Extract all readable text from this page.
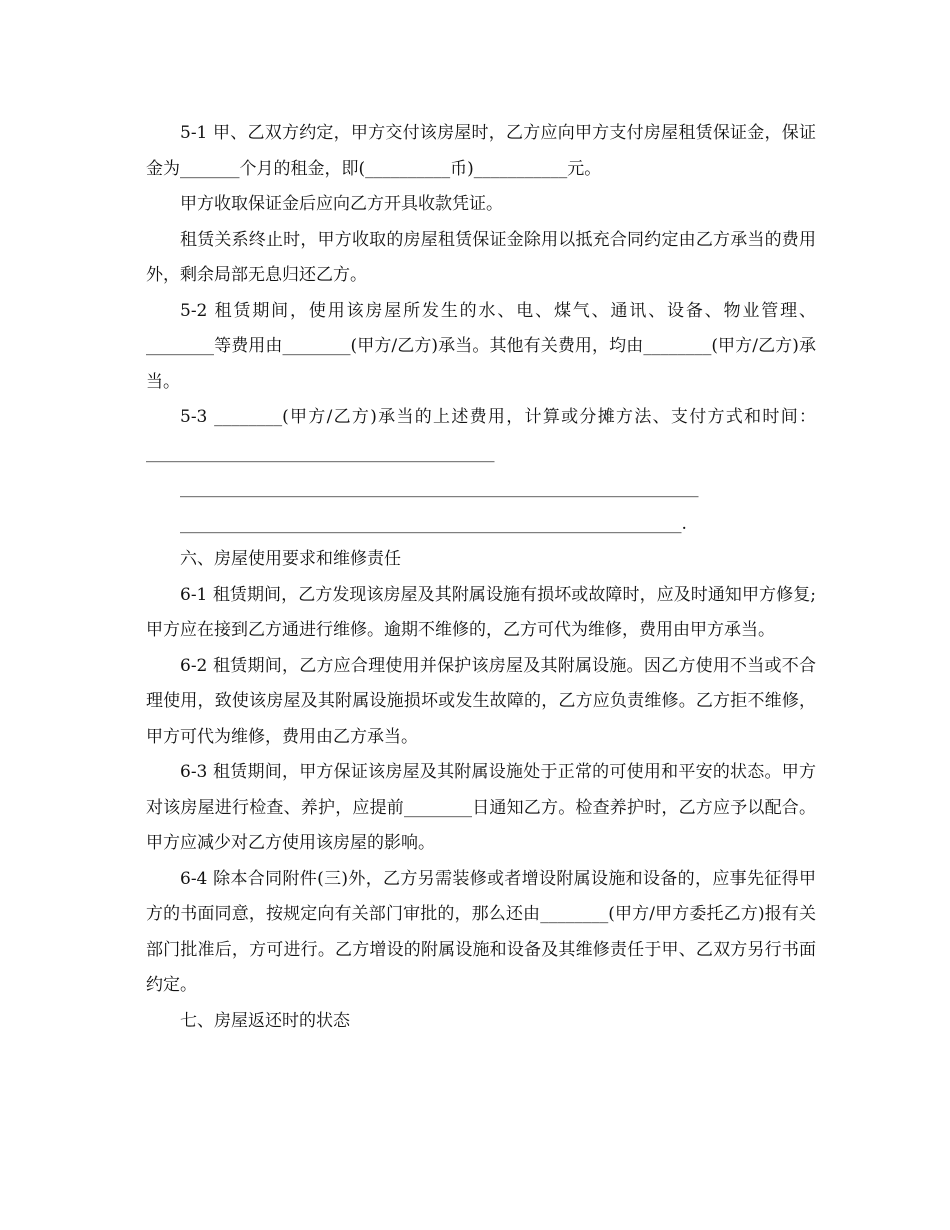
5-1 甲、乙双方约定，甲方交付该房屋时，乙方应向甲方支付房屋租赁保证金，保证金为_______个月的租金，即(__________币)___________元。

甲方收取保证金后应向乙方开具收款凭证。

租赁关系终止时，甲方收取的房屋租赁保证金除用以抵充合同约定由乙方承当的费用外，剩余局部无息归还乙方。

5-2 租赁期间，使用该房屋所发生的水、电、煤气、通讯、设备、物业管理、________等费用由________(甲方/乙方)承当。其他有关费用，均由________(甲方/乙方)承当。

5-3 ________(甲方/乙方)承当的上述费用，计算或分摊方法、支付方式和时间：_________________________________________

_____________________________________________________________

___________________________________________________________.

六、房屋使用要求和维修责任

6-1 租赁期间，乙方发现该房屋及其附属设施有损坏或故障时，应及时通知甲方修复;甲方应在接到乙方通进行维修。逾期不维修的，乙方可代为维修，费用由甲方承当。

6-2 租赁期间，乙方应合理使用并保护该房屋及其附属设施。因乙方使用不当或不合理使用，致使该房屋及其附属设施损坏或发生故障的，乙方应负责维修。乙方拒不维修，甲方可代为维修，费用由乙方承当。

6-3 租赁期间，甲方保证该房屋及其附属设施处于正常的可使用和平安的状态。甲方对该房屋进行检查、养护，应提前________日通知乙方。检查养护时，乙方应予以配合。甲方应减少对乙方使用该房屋的影响。

6-4 除本合同附件(三)外，乙方另需装修或者增设附属设施和设备的，应事先征得甲方的书面同意，按规定向有关部门审批的，那么还由________(甲方/甲方委托乙方)报有关部门批准后，方可进行。乙方增设的附属设施和设备及其维修责任于甲、乙双方另行书面约定。

七、房屋返还时的状态
